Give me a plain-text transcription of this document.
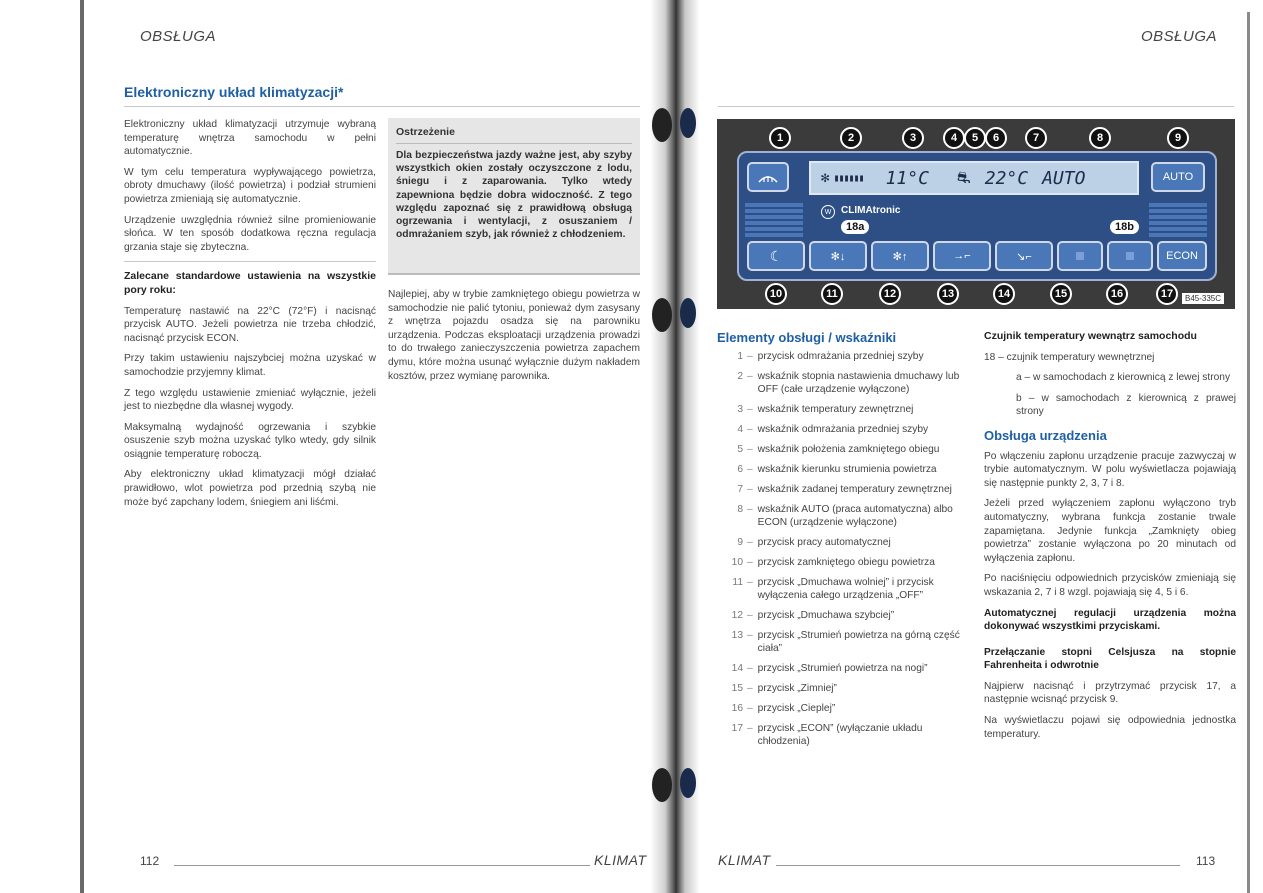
OBSŁUGA
Elektroniczny układ klimatyzacji*

Elektroniczny układ klimatyzacji utrzymuje wybraną temperaturę wnętrza samochodu w pełni automatycznie.

W tym celu temperatura wypływającego powietrza, obroty dmuchawy (ilość powietrza) i podział strumieni powietrza zmieniają się automatycznie.

Urządzenie uwzględnia również silne promieniowanie słońca. W ten sposób dodatkowa ręczna regulacja grzania staje się zbyteczna.

Zalecane standardowe ustawienia na wszystkie pory roku:

Temperaturę nastawić na 22°C (72°F) i nacisnąć przycisk AUTO. Jeżeli powietrza nie trzeba chłodzić, nacisnąć przycisk ECON.

Przy takim ustawieniu najszybciej można uzyskać w samochodzie przyjemny klimat.

Z tego względu ustawienie zmieniać wyłącznie, jeżeli jest to niezbędne dla własnej wygody.

Maksymalną wydajność ogrzewania i szybkie osuszenie szyb można uzyskać tylko wtedy, gdy silnik osiągnie temperaturę roboczą.

Aby elektroniczny układ klimatyzacji mógł działać prawidłowo, wlot powietrza pod przednią szybą nie może być zapchany lodem, śniegiem ani liśćmi.

Ostrzeżenie
Dla bezpieczeństwa jazdy ważne jest, aby szyby wszystkich okien zostały oczyszczone z lodu, śniegu i z zaparowania. Tylko wtedy zapewniona będzie dobra widoczność. Z tego względu zapoznać się z prawidłową obsługą ogrzewania i wentylacji, z osuszaniem / odmrażaniem szyb, jak również z chłodzeniem.
Najlepiej, aby w trybie zamkniętego obiegu powietrza w samochodzie nie palić tytoniu, ponieważ dym zasysany z wnętrza pojazdu osadza się na parowniku urządzenia. Podczas eksploatacji urządzenia prowadzi to do trwałego zanieczyszczenia powietrza zapachem dymu, które można usunąć wyłącznie dużym nakładem kosztów, przez wymianę parownika.
112	KLIMAT
OBSŁUGA
✻ ▮▮▮▮▮▮ 11°C ⛐ 22°C AUTO	AUTO
W CLIMAtronic
18a	18b
☾	✻↓	✻↑	→⌐	↘⌐	ECON
1	2	3	4	5	6	7	8	9
10	11	12	13	14	15	16	17	B45-335C
Elementy obsługi / wskaźniki
1 – przycisk odmrażania przedniej szyby
2 – wskaźnik stopnia nastawienia dmuchawy lub OFF (całe urządzenie wyłączone)
3 – wskaźnik temperatury zewnętrznej
4 – wskaźnik odmrażania przedniej szyby
5 – wskaźnik położenia zamkniętego obiegu
6 – wskaźnik kierunku strumienia powietrza
7 – wskaźnik zadanej temperatury zewnętrznej
8 – wskaźnik AUTO (praca automatyczna) albo ECON (urządzenie wyłączone)
9 – przycisk pracy automatycznej
10 – przycisk zamkniętego obiegu powietrza
11 – przycisk „Dmuchawa wolniej” i przycisk wyłączenia całego urządzenia „OFF”
12 – przycisk „Dmuchawa szybciej”
13 – przycisk „Strumień powietrza na górną część ciała”
14 – przycisk „Strumień powietrza na nogi”
15 – przycisk „Zimniej”
16 – przycisk „Cieplej”
17 – przycisk „ECON” (wyłączanie układu chłodzenia)

Czujnik temperatury wewnątrz samochodu

18 – czujnik temperatury wewnętrznej

a – w samochodach z kierownicą z lewej strony

b – w samochodach z kierownicą z prawej strony

Obsługa urządzenia

Po włączeniu zapłonu urządzenie pracuje zazwyczaj w trybie automatycznym. W polu wyświetlacza pojawiają się następnie punkty 2, 3, 7 i 8.

Jeżeli przed wyłączeniem zapłonu wyłączono tryb automatyczny, wybrana funkcja zostanie trwale zapamiętana. Jedynie funkcja „Zamknięty obieg powietrza” zostanie wyłączona po 20 minutach od wyłączenia zapłonu.

Po naciśnięciu odpowiednich przycisków zmieniają się wskazania 2, 7 i 8 wzgl. pojawiają się 4, 5 i 6.

Automatycznej regulacji urządzenia można dokonywać wszystkimi przyciskami.

Przełączanie stopni Celsjusza na stopnie Fahrenheita i odwrotnie

Najpierw nacisnąć i przytrzymać przycisk 17, a następnie wcisnąć przycisk 9.

Na wyświetlaczu pojawi się odpowiednia jednostka temperatury.

KLIMAT	113
